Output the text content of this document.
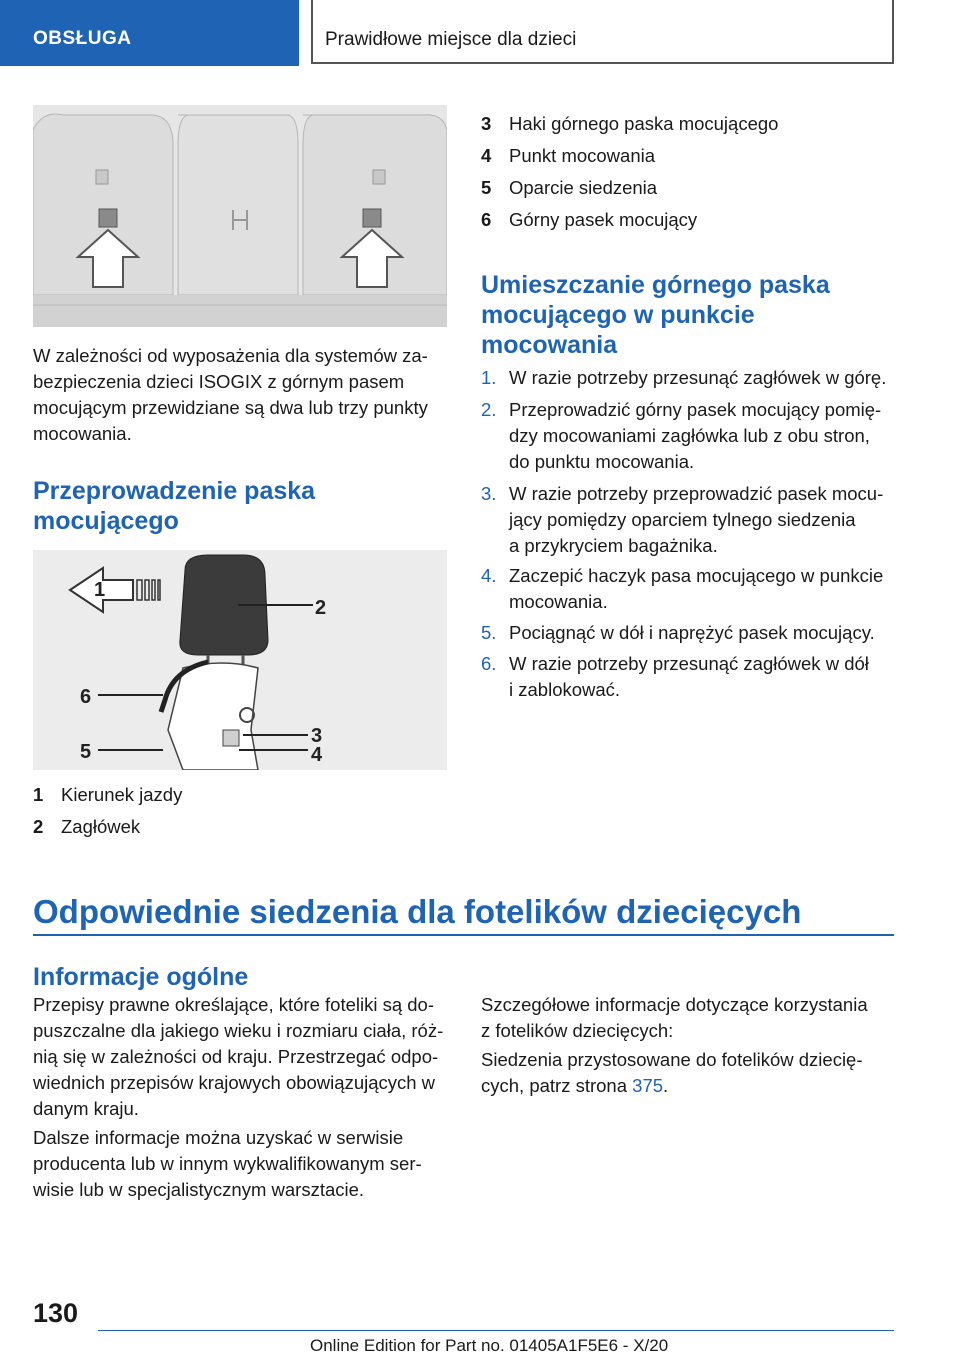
OBSŁUGA	Prawidłowe miejsce dla dzieci
W zależności od wyposażenia dla systemów za-
bezpieczenia dzieci ISOGIX z górnym pasem
mocującym przewidziane są dwa lub trzy punkty
mocowania.
Przeprowadzenie paska
mocującego
1
2
3
4
5
6
1 Kierunek jazdy
2 Zagłówek
3 Haki górnego paska mocującego
4 Punkt mocowania
5 Oparcie siedzenia
6 Górny pasek mocujący
Umieszczanie górnego paska
mocującego w punkcie
mocowania
1. W razie potrzeby przesunąć zagłówek w górę.
2. Przeprowadzić górny pasek mocujący pomię-
dzy mocowaniami zagłówka lub z obu stron,
do punktu mocowania.
3. W razie potrzeby przeprowadzić pasek mocu-
jący pomiędzy oparciem tylnego siedzenia
a przykryciem bagażnika.
4. Zaczepić haczyk pasa mocującego w punkcie
mocowania.
5. Pociągnąć w dół i naprężyć pasek mocujący.
6. W razie potrzeby przesunąć zagłówek w dół
i zablokować.
Odpowiednie siedzenia dla fotelików dziecięcych
Informacje ogólne
Przepisy prawne określające, które foteliki są do-
puszczalne dla jakiego wieku i rozmiaru ciała, róż-
nią się w zależności od kraju. Przestrzegać odpo-
wiednich przepisów krajowych obowiązujących w
danym kraju.
Dalsze informacje można uzyskać w serwisie
producenta lub w innym wykwalifikowanym ser-
wisie lub w specjalistycznym warsztacie.
Szczegółowe informacje dotyczące korzystania
z fotelików dziecięcych:
Siedzenia przystosowane do fotelików dziecię-
cych, patrz strona 375.
130
Online Edition for Part no. 01405A1F5E6 - X/20
